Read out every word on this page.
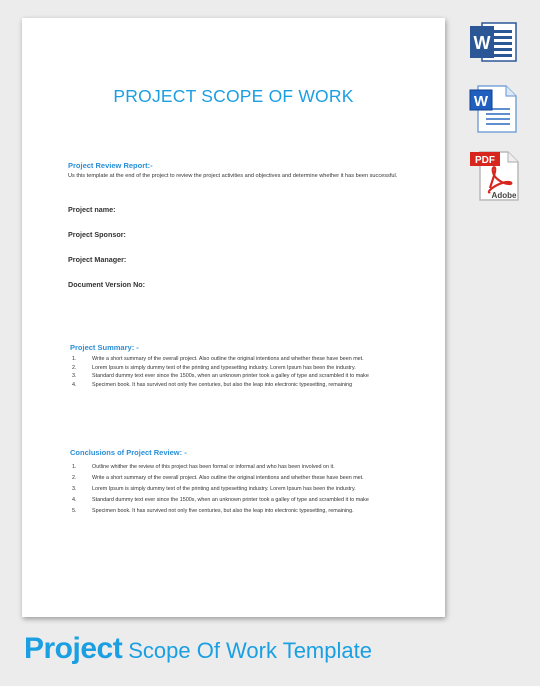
PROJECT SCOPE OF WORK
Project Review Report:-
Us this template at the end of the project to review the project activities and objectives and determine whether it has been successful.
Project name:
Project Sponsor:
Project Manager:
Document Version No:
Project Summary: -
1.	Write a short summary of the overall project. Also outline the original intentions and whether these have been met.
2.	Lorem Ipsum is simply dummy text of the printing and typesetting industry. Lorem Ipsum has been the industry.
3.	Standard dummy text ever since the 1500s, when an unknown printer took a galley of type and scrambled it to make
4.	Specimen book. It has survived not only five centuries, but also the leap into electronic typesetting, remaining
Conclusions of Project Review: -
1.	Outline whither the review of this project has been formal or informal and who has been involved on it.
2.	Write a short summary of the overall project. Also outline the original intentions and whether these have been met.
3.	Lorem Ipsum is simply dummy text of the printing and typesetting industry. Lorem Ipsum has been the industry.
4.	Standard dummy text ever since the 1500s, when an unknown printer took a galley of type and scrambled it to make
5.	Specimen book. It has survived not only five centuries, but also the leap into electronic typesetting, remaining.
W
W
PDF
Adobe
Project Scope Of Work Template
